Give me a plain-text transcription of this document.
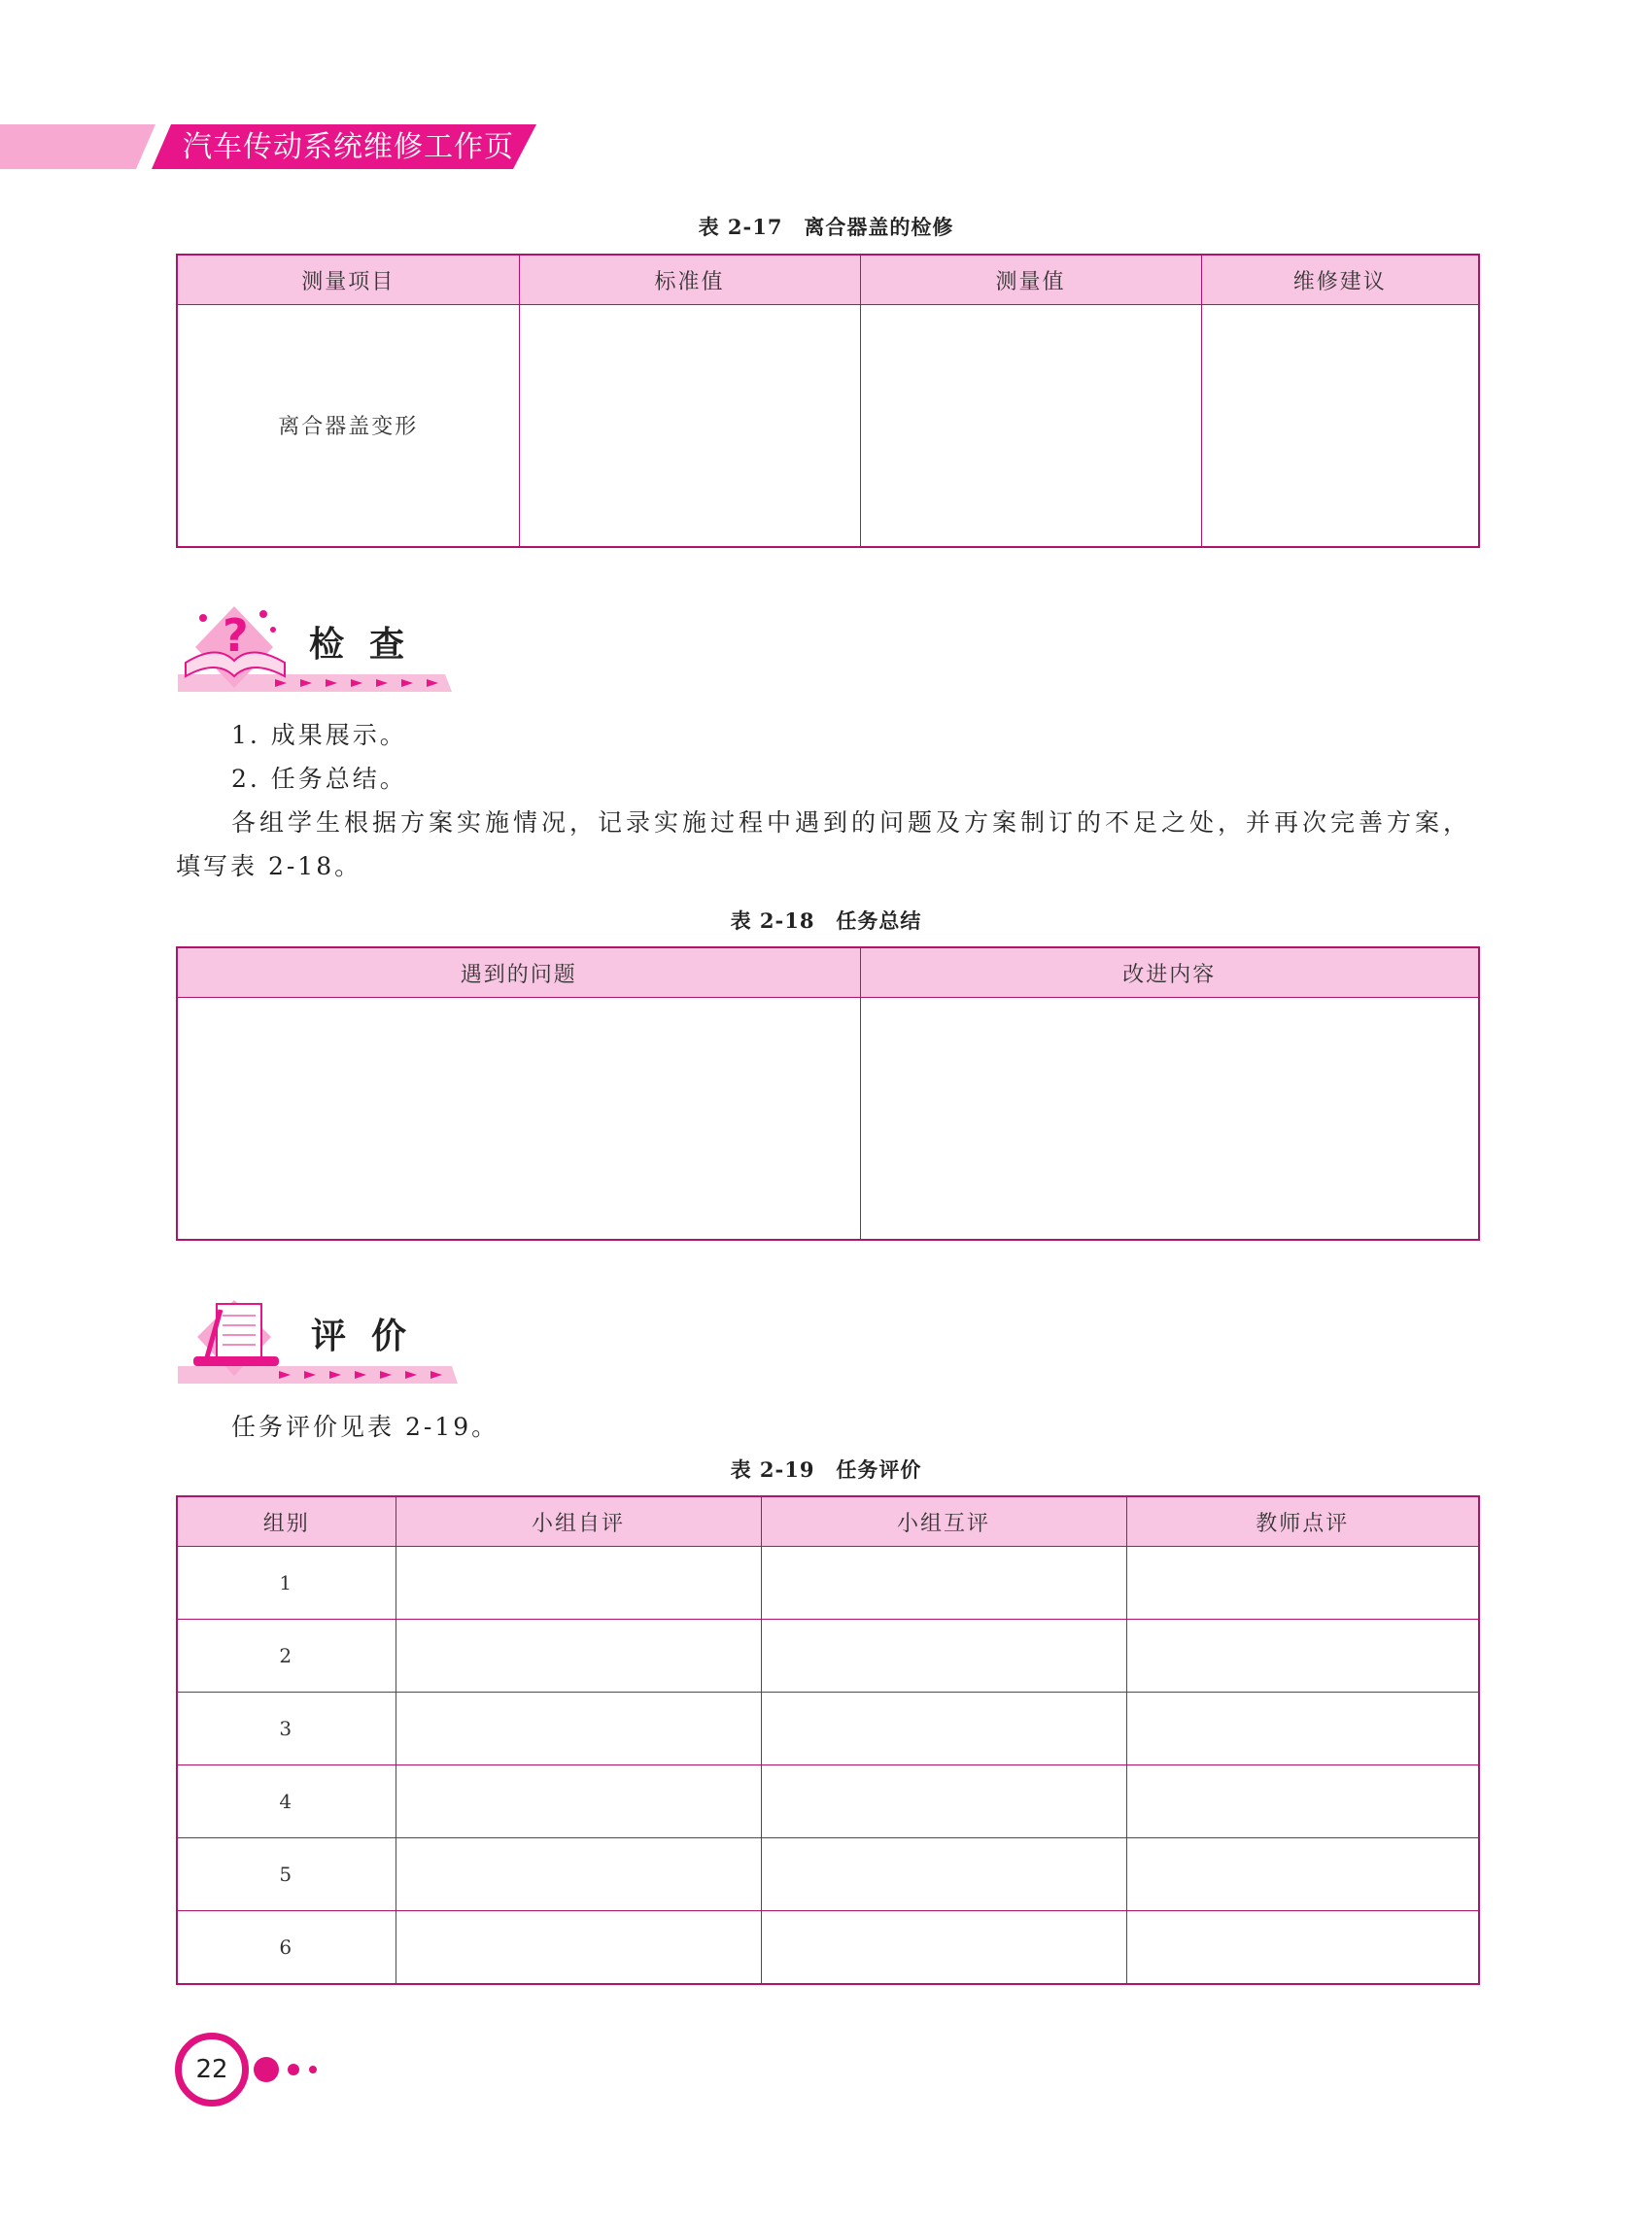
汽车传动系统维修工作页
表 2-17　离合器盖的检修
测量项目	标准值	测量值	维修建议
离合器盖变形			
? 检查
1. 成果展示。
2. 任务总结。
各组学生根据方案实施情况，记录实施过程中遇到的问题及方案制订的不足之处，并再次完善方案，
填写表 2-18。
表 2-18　任务总结
遇到的问题	改进内容

评价
任务评价见表 2-19。
表 2-19　任务评价
组别	小组自评	小组互评	教师点评
1			
2			
3			
4			
5			
6			
22
